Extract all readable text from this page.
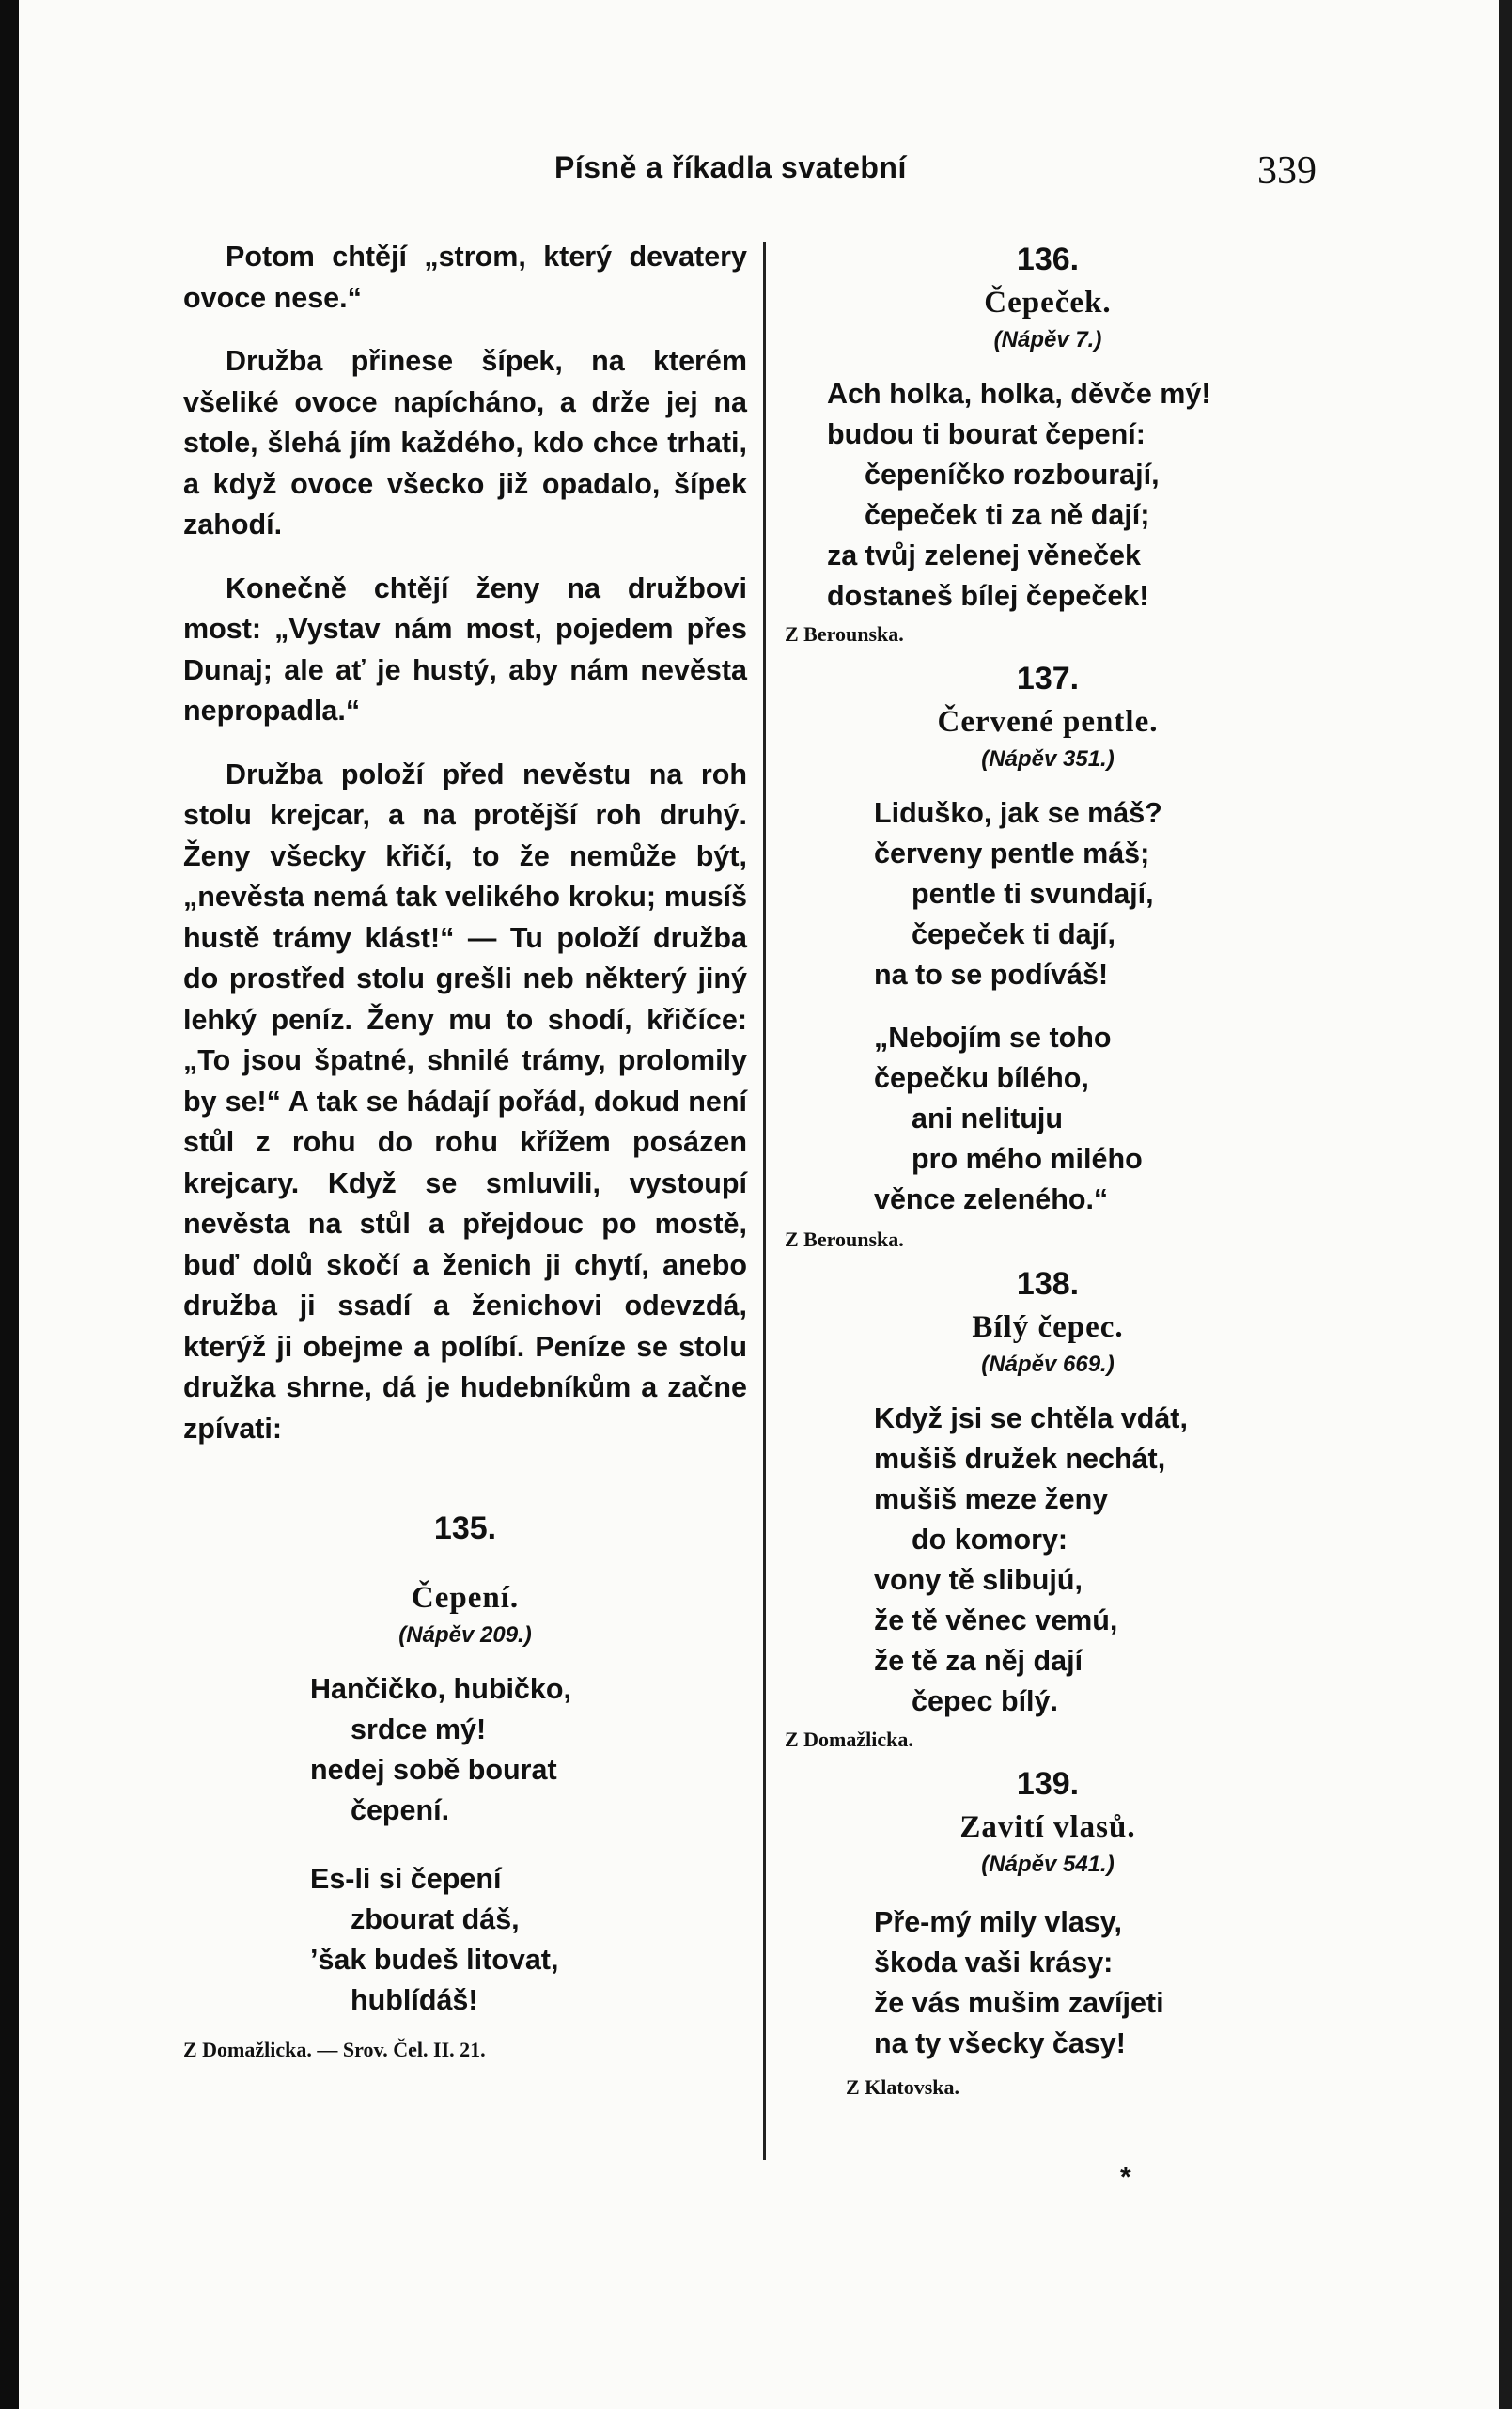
Písně a říkadla svatební	339

Potom chtějí „strom, který devatery ovoce nese.“

Družba přinese šípek, na kterém všeliké ovoce napícháno, a drže jej na stole, šlehá jím každého, kdo chce trhati, a když ovoce všecko již opadalo, šípek zahodí.

Konečně chtějí ženy na družbovi most: „Vystav nám most, pojedem přes Dunaj; ale ať je hustý, aby nám nevěsta nepropadla.“

Družba položí před nevěstu na roh stolu krejcar, a na protější roh druhý. Ženy všecky křičí, to že nemůže být, „nevěsta nemá tak velikého kroku; musíš hustě trámy klást!“ — Tu položí družba do prostřed stolu grešli neb některý jiný lehký peníz. Ženy mu to shodí, křičíce: „To jsou špatné, shnilé trámy, prolomily by se!“ A tak se hádají pořád, dokud není stůl z rohu do rohu křížem posázen krejcary. Když se smluvili, vystoupí nevěsta na stůl a přejdouc po mostě, buď dolů skočí a ženich ji chytí, anebo družba ji ssadí a ženichovi odevzdá, kterýž ji obejme a políbí. Peníze se stolu družka shrne, dá je hudebníkům a začne zpívati:

135.
Čepení.
(Nápěv 209.)
Hančičko, hubičko,
srdce mý!
nedej sobě bourat
čepení.
Es-li si čepení
zbourat dáš,
’šak budeš litovat,
hublídáš!
Z Domažlicka. — Srov. Čel. II. 21.
136.
Čepeček.
(Nápěv 7.)
Ach holka, holka, děvče mý!
budou ti bourat čepení:
čepeníčko rozbourají,
čepeček ti za ně dají;
za tvůj zelenej věneček
dostaneš bílej čepeček!
Z Berounska.
137.
Červené pentle.
(Nápěv 351.)
Liduško, jak se máš?
červeny pentle máš;
pentle ti svundají,
čepeček ti dají,
na to se podíváš!
„Nebojím se toho
čepečku bílého,
ani nelituju
pro mého milého
věnce zeleného.“
Z Berounska.
138.
Bílý čepec.
(Nápěv 669.)
Když jsi se chtěla vdát,
mušiš družek nechát,
mušiš meze ženy
do komory:
vony tě slibujú,
že tě věnec vemú,
že tě za něj dají
čepec bílý.
Z Domažlicka.
139.
Zavití vlasů.
(Nápěv 541.)
Pře-mý mily vlasy,
škoda vaši krásy:
že vás mušim zavíjeti
na ty všecky časy!
Z Klatovska.
*
